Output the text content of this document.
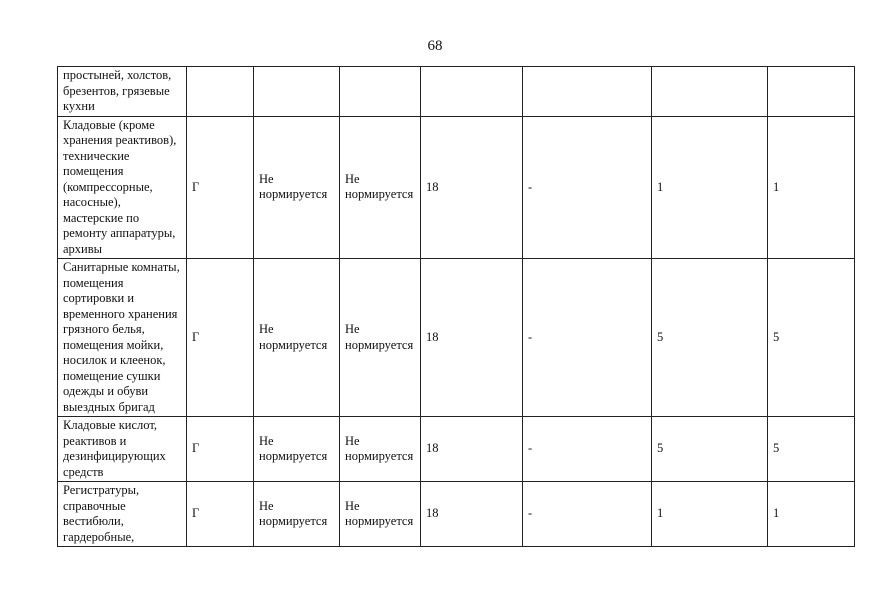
68
простыней, холстов, брезентов, грязевые кухни							
Кладовые (кроме хранения реактивов), технические помещения (компрессорные, насосные), мастерские по ремонту аппаратуры, архивы	Г	Не нормируется	Не нормируется	18	-	1	1
Санитарные комнаты, помещения сортировки и временного хранения грязного белья, помещения мойки, носилок и клеенок, помещение сушки одежды и обуви выездных бригад	Г	Не нормируется	Не нормируется	18	-	5	5
Кладовые кислот, реактивов и дезинфицирующих средств	Г	Не нормируется	Не нормируется	18	-	5	5
Регистратуры, справочные вестибюли, гардеробные,	Г	Не нормируется	Не нормируется	18	-	1	1
